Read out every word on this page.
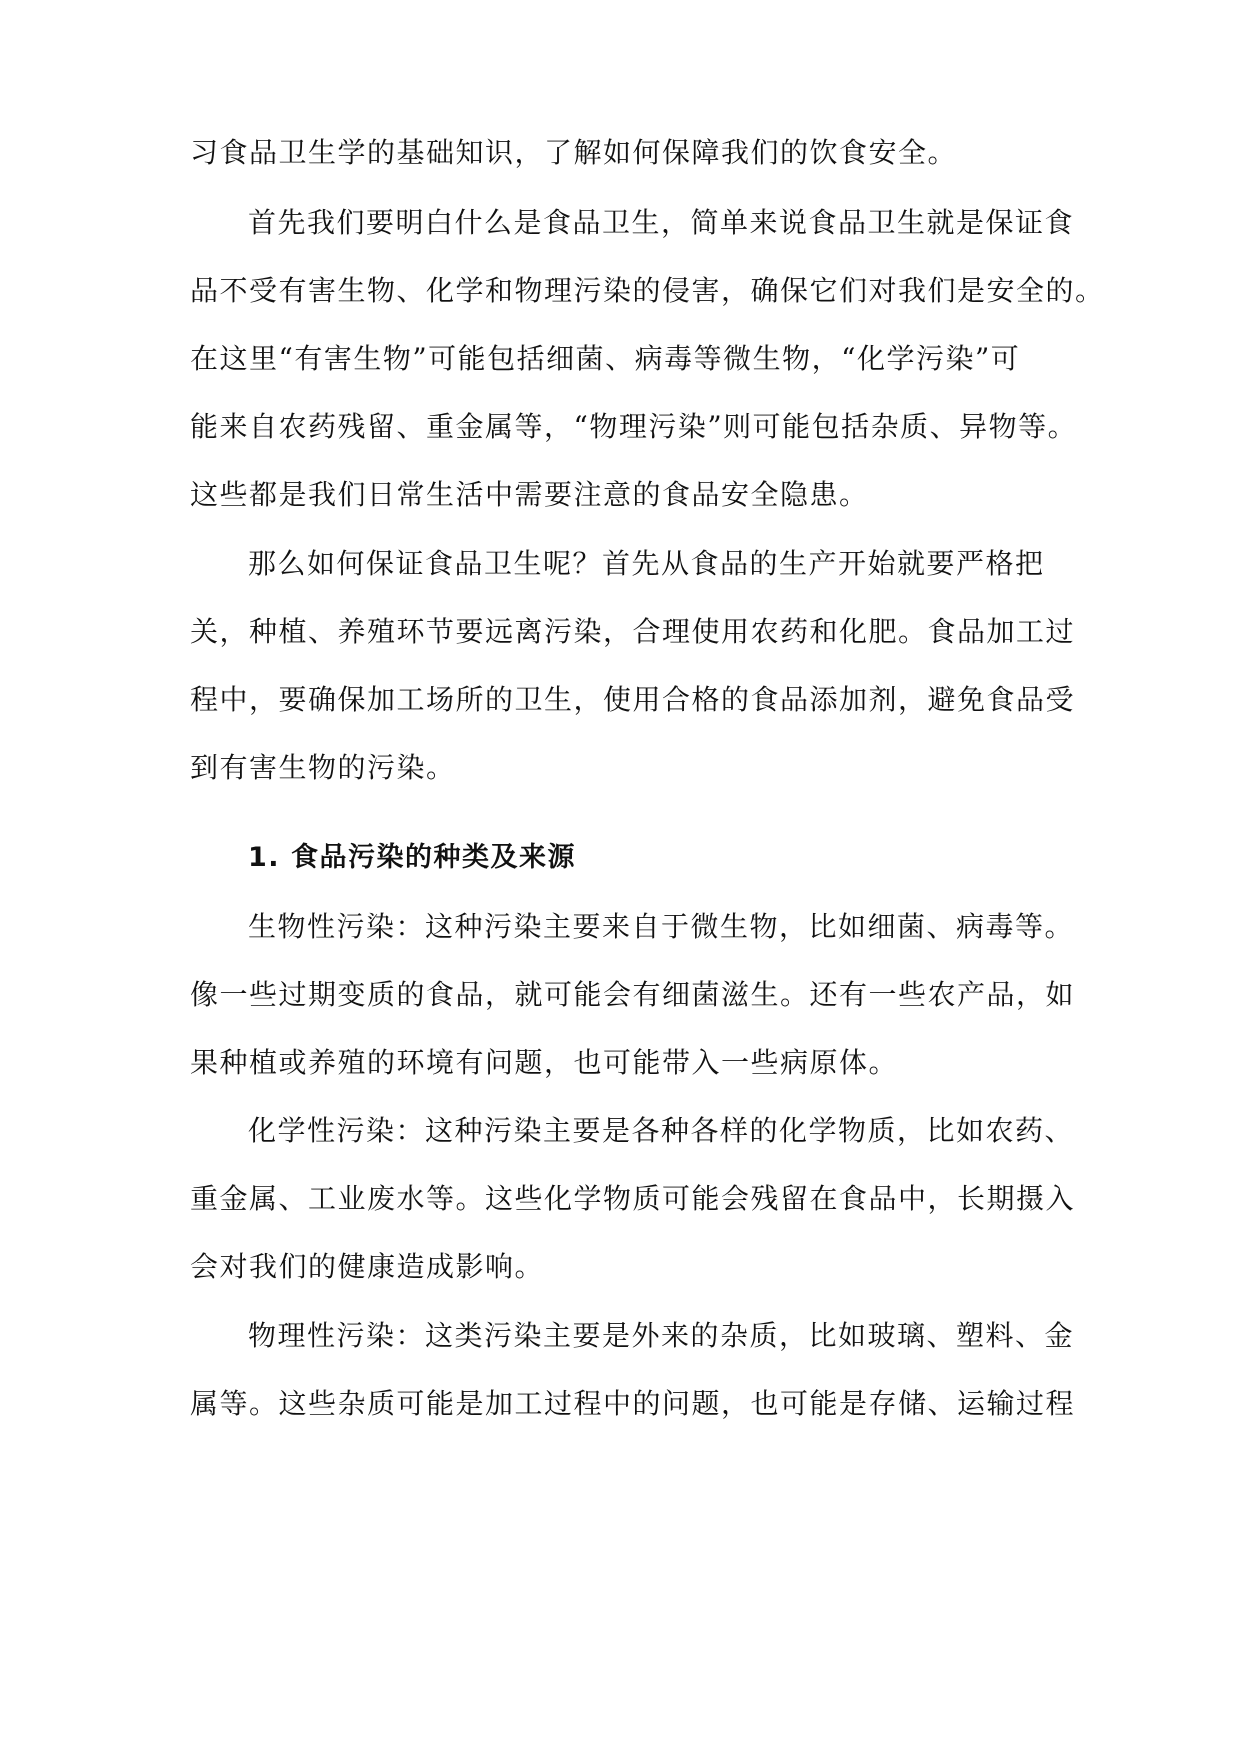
习食品卫生学的基础知识，了解如何保障我们的饮食安全。
首先我们要明白什么是食品卫生，简单来说食品卫生就是保证食
品不受有害生物、化学和物理污染的侵害，确保它们对我们是安全的。
在这里“有害生物”可能包括细菌、病毒等微生物，“化学污染”可
能来自农药残留、重金属等，“物理污染”则可能包括杂质、异物等。
这些都是我们日常生活中需要注意的食品安全隐患。
那么如何保证食品卫生呢？首先从食品的生产开始就要严格把
关，种植、养殖环节要远离污染，合理使用农药和化肥。食品加工过
程中，要确保加工场所的卫生，使用合格的食品添加剂，避免食品受
到有害生物的污染。
1. 食品污染的种类及来源
生物性污染：这种污染主要来自于微生物，比如细菌、病毒等。
像一些过期变质的食品，就可能会有细菌滋生。还有一些农产品，如
果种植或养殖的环境有问题，也可能带入一些病原体。
化学性污染：这种污染主要是各种各样的化学物质，比如农药、
重金属、工业废水等。这些化学物质可能会残留在食品中，长期摄入
会对我们的健康造成影响。
物理性污染：这类污染主要是外来的杂质，比如玻璃、塑料、金
属等。这些杂质可能是加工过程中的问题，也可能是存储、运输过程
